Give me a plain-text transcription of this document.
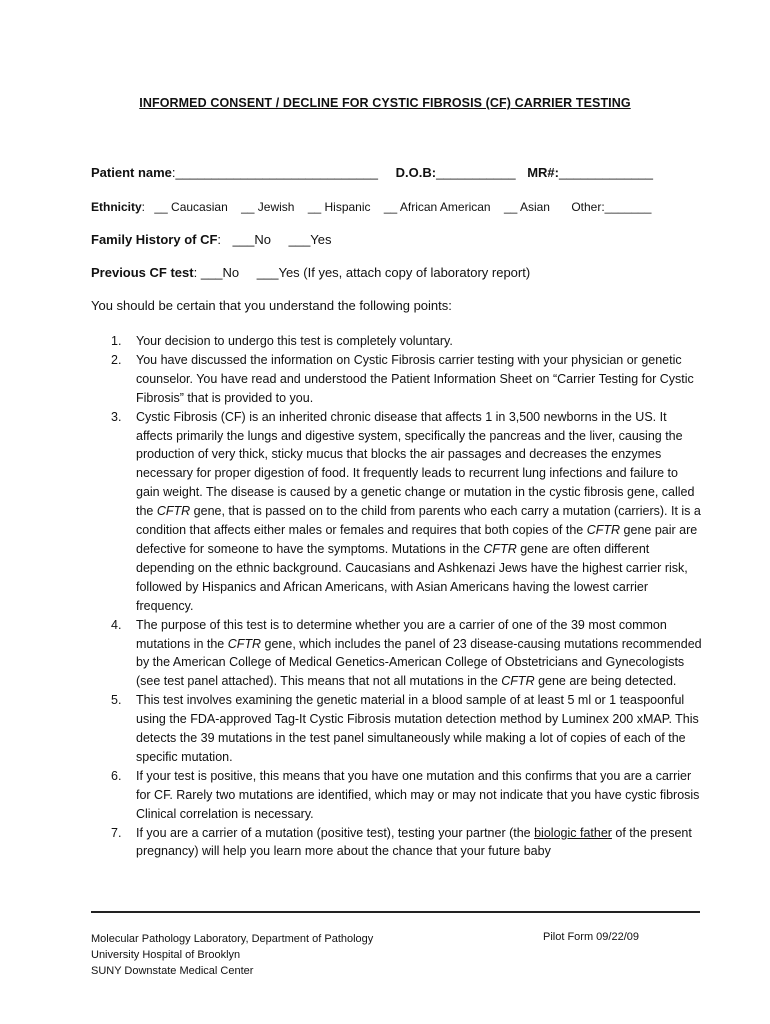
INFORMED CONSENT / DECLINE FOR CYSTIC FIBROSIS (CF) CARRIER TESTING
Patient name:____________________________ D.O.B:___________ MR#:_____________
Ethnicity: __ Caucasian __ Jewish __ Hispanic __ African American __ Asian Other:_______
Family History of CF: ___No ___Yes
Previous CF test: ___No ___Yes (If yes, attach copy of laboratory report)
You should be certain that you understand the following points:
1. Your decision to undergo this test is completely voluntary.
2. You have discussed the information on Cystic Fibrosis carrier testing with your physician or genetic counselor. You have read and understood the Patient Information Sheet on “Carrier Testing for Cystic Fibrosis” that is provided to you.
3. Cystic Fibrosis (CF) is an inherited chronic disease that affects 1 in 3,500 newborns in the US. It affects primarily the lungs and digestive system, specifically the pancreas and the liver, causing the production of very thick, sticky mucus that blocks the air passages and decreases the enzymes necessary for proper digestion of food. It frequently leads to recurrent lung infections and failure to gain weight. The disease is caused by a genetic change or mutation in the cystic fibrosis gene, called the CFTR gene, that is passed on to the child from parents who each carry a mutation (carriers). It is a condition that affects either males or females and requires that both copies of the CFTR gene pair are defective for someone to have the symptoms. Mutations in the CFTR gene are often different depending on the ethnic background. Caucasians and Ashkenazi Jews have the highest carrier risk, followed by Hispanics and African Americans, with Asian Americans having the lowest carrier frequency.
4. The purpose of this test is to determine whether you are a carrier of one of the 39 most common mutations in the CFTR gene, which includes the panel of 23 disease-causing mutations recommended by the American College of Medical Genetics-American College of Obstetricians and Gynecologists (see test panel attached). This means that not all mutations in the CFTR gene are being detected.
5. This test involves examining the genetic material in a blood sample of at least 5 ml or 1 teaspoonful using the FDA-approved Tag-It Cystic Fibrosis mutation detection method by Luminex 200 xMAP. This detects the 39 mutations in the test panel simultaneously while making a lot of copies of each of the specific mutation.
6. If your test is positive, this means that you have one mutation and this confirms that you are a carrier for CF. Rarely two mutations are identified, which may or may not indicate that you have cystic fibrosis Clinical correlation is necessary.
7. If you are a carrier of a mutation (positive test), testing your partner (the biologic father of the present pregnancy) will help you learn more about the chance that your future baby
Molecular Pathology Laboratory, Department of Pathology
University Hospital of Brooklyn
SUNY Downstate Medical Center
Pilot Form 09/22/09
